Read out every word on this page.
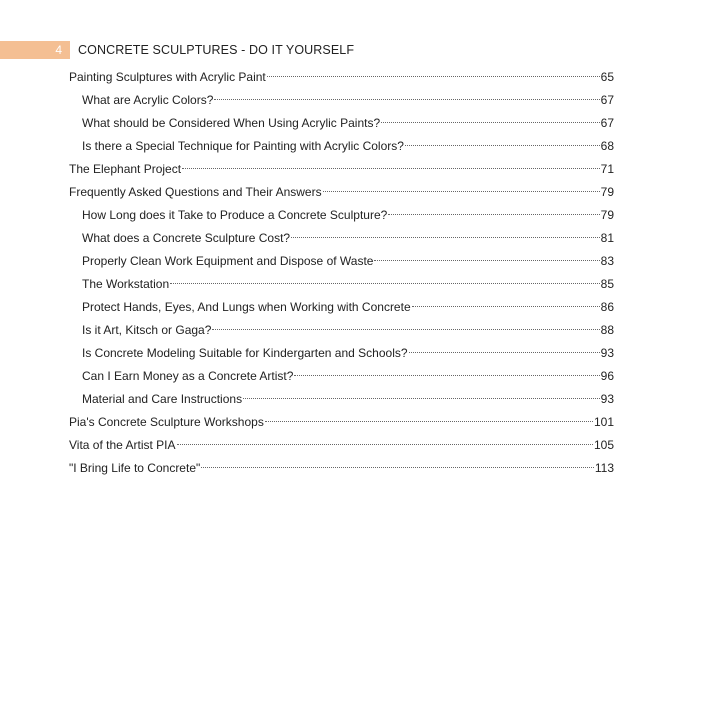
4	CONCRETE SCULPTURES - DO IT YOURSELF
Painting Sculptures with Acrylic Paint	65
What are Acrylic Colors?	67
What should be Considered When Using Acrylic Paints?	67
Is there a Special Technique for Painting with Acrylic Colors?	68
The Elephant Project	71
Frequently Asked Questions and Their Answers	79
How Long does it Take to Produce a Concrete Sculpture?	79
What does a Concrete Sculpture Cost?	81
Properly Clean Work Equipment and Dispose of Waste	83
The Workstation	85
Protect Hands, Eyes, And Lungs when Working with Concrete	86
Is it Art, Kitsch or Gaga?	88
Is Concrete Modeling Suitable for Kindergarten and Schools?	93
Can I Earn Money as a Concrete Artist?	96
Material and Care Instructions	93
Pia's Concrete Sculpture Workshops	101
Vita of the Artist PIA	105
"I Bring Life to Concrete"	113
